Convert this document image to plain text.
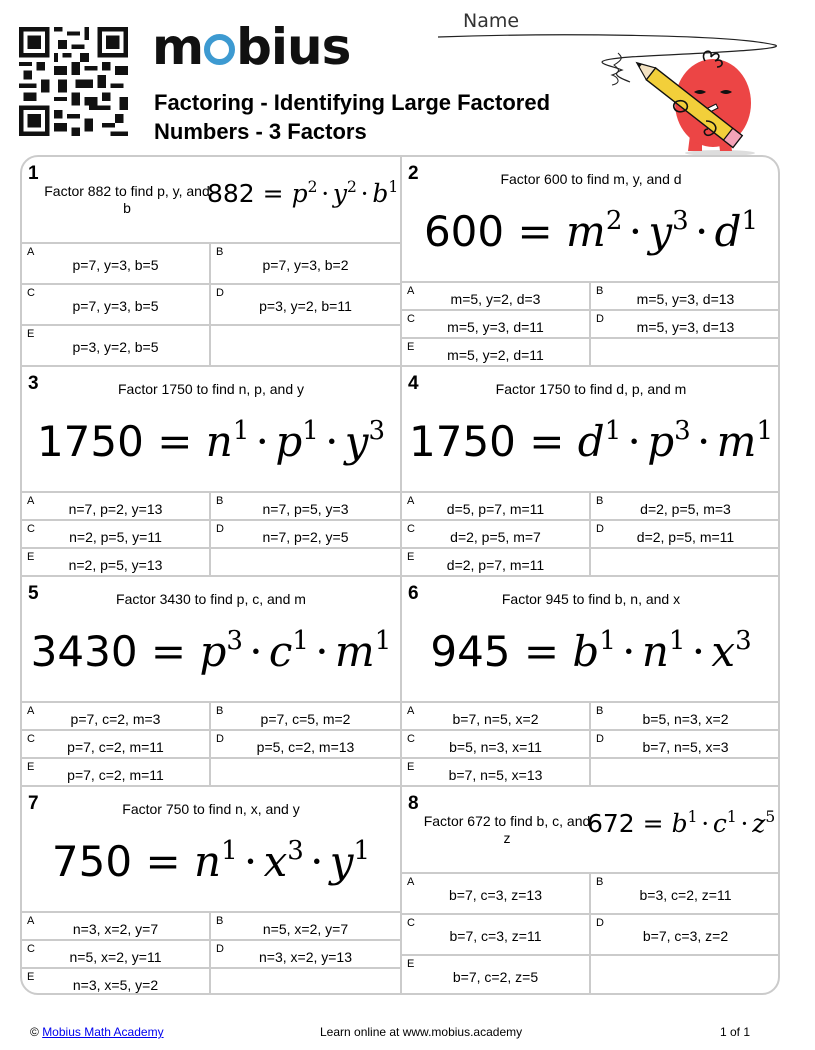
m bius
Factoring - Identifying Large Factored
Numbers - 3 Factors
Name
1
Factor 882 to find p, y, and b	$882 = p^2 \cdot y^2 \cdot b^1$
A
p=7, y=3, b=5
B
p=7, y=3, b=2
C
p=7, y=3, b=5
D
p=3, y=2, b=11
E
p=3, y=2, b=5
2	Factor 600 to find m, y, and d
$600 = m^2 \cdot y^3 \cdot d^1$
A	m=5, y=2, d=3	B	m=5, y=3, d=13
C	m=5, y=3, d=11	D	m=5, y=3, d=13
E	m=5, y=2, d=11
3	Factor 1750 to find n, p, and y
$1750 = n^1 \cdot p^1 \cdot y^3$
A	n=7, p=2, y=13	B	n=7, p=5, y=3
C	n=2, p=5, y=11	D	n=7, p=2, y=5
E	n=2, p=5, y=13
4	Factor 1750 to find d, p, and m
$1750 = d^1 \cdot p^3 \cdot m^1$
A	d=5, p=7, m=11	B	d=2, p=5, m=3
C	d=2, p=5, m=7	D	d=2, p=5, m=11
E	d=2, p=7, m=11
5	Factor 3430 to find p, c, and m
$3430 = p^3 \cdot c^1 \cdot m^1$
A	p=7, c=2, m=3	B	p=7, c=5, m=2
C	p=7, c=2, m=11	D	p=5, c=2, m=13
E	p=7, c=2, m=11
6	Factor 945 to find b, n, and x
$945 = b^1 \cdot n^1 \cdot x^3$
A	b=7, n=5, x=2	B	b=5, n=3, x=2
C	b=5, n=3, x=11	D	b=7, n=5, x=3
E	b=7, n=5, x=13
7	Factor 750 to find n, x, and y
$750 = n^1 \cdot x^3 \cdot y^1$
A	n=3, x=2, y=7	B	n=5, x=2, y=7
C	n=5, x=2, y=11	D	n=3, x=2, y=13
E	n=3, x=5, y=2
8
Factor 672 to find b, c, and z	$672 = b^1 \cdot c^1 \cdot z^5$
A
b=7, c=3, z=13
B
b=3, c=2, z=11
C
b=7, c=3, z=11
D
b=7, c=3, z=2
E
b=7, c=2, z=5
© Mobius Math Academy	Learn online at www.mobius.academy	1 of 1
